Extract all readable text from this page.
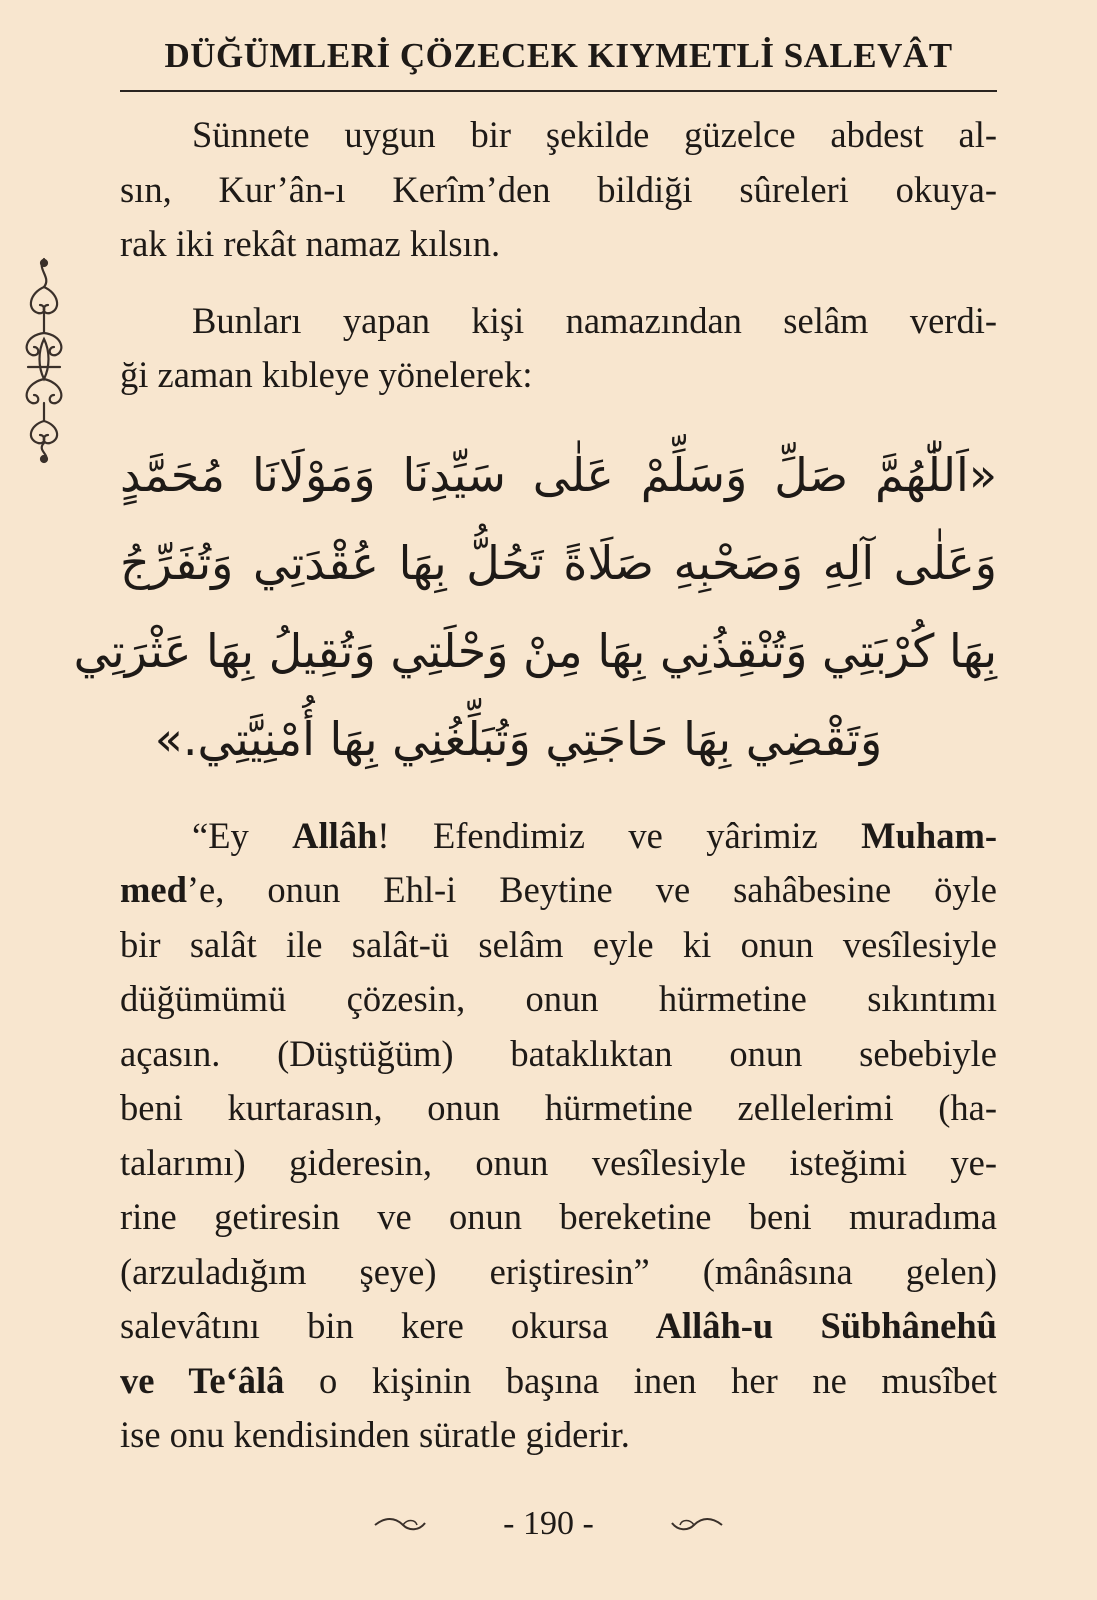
DÜĞÜMLERİ ÇÖZECEK KIYMETLİ SALEVÂT

Sünnete uygun bir şekilde güzelce abdest al-
sın, Kur’ân-ı Kerîm’den bildiği sûreleri okuya-
rak iki rekât namaz kılsın.

Bunları yapan kişi namazından selâm verdi-
ği zaman kıbleye yönelerek:

«اَللّٰهُمَّ صَلِّ وَسَلِّمْ عَلٰى سَيِّدِنَا وَمَوْلَانَا مُحَمَّدٍ
وَعَلٰى آلِهِ وَصَحْبِهِ صَلَاةً تَحُلُّ بِهَا عُقْدَتِي وَتُفَرِّجُ
بِهَا كُرْبَتِي وَتُنْقِذُنِي بِهَا مِنْ وَحْلَتِي وَتُقِيلُ بِهَا عَثْرَتِي
وَتَقْضِي بِهَا حَاجَتِي وَتُبَلِّغُنِي بِهَا أُمْنِيَّتِي.»

“Ey Allâh! Efendimiz ve yârimiz Muham-
med’e, onun Ehl-i Beytine ve sahâbesine öyle
bir salât ile salât-ü selâm eyle ki onun vesîlesiyle
düğümümü çözesin, onun hürmetine sıkıntımı
açasın. (Düştüğüm) bataklıktan onun sebebiyle
beni kurtarasın, onun hürmetine zellelerimi (ha-
talarımı) gideresin, onun vesîlesiyle isteğimi ye-
rine getiresin ve onun bereketine beni muradıma
(arzuladığım şeye) eriştiresin” (mânâsına gelen)
salevâtını bin kere okursa Allâh-u Sübhânehû
ve Te‘âlâ o kişinin başına inen her ne musîbet
ise onu kendisinden süratle giderir.

- 190 -
